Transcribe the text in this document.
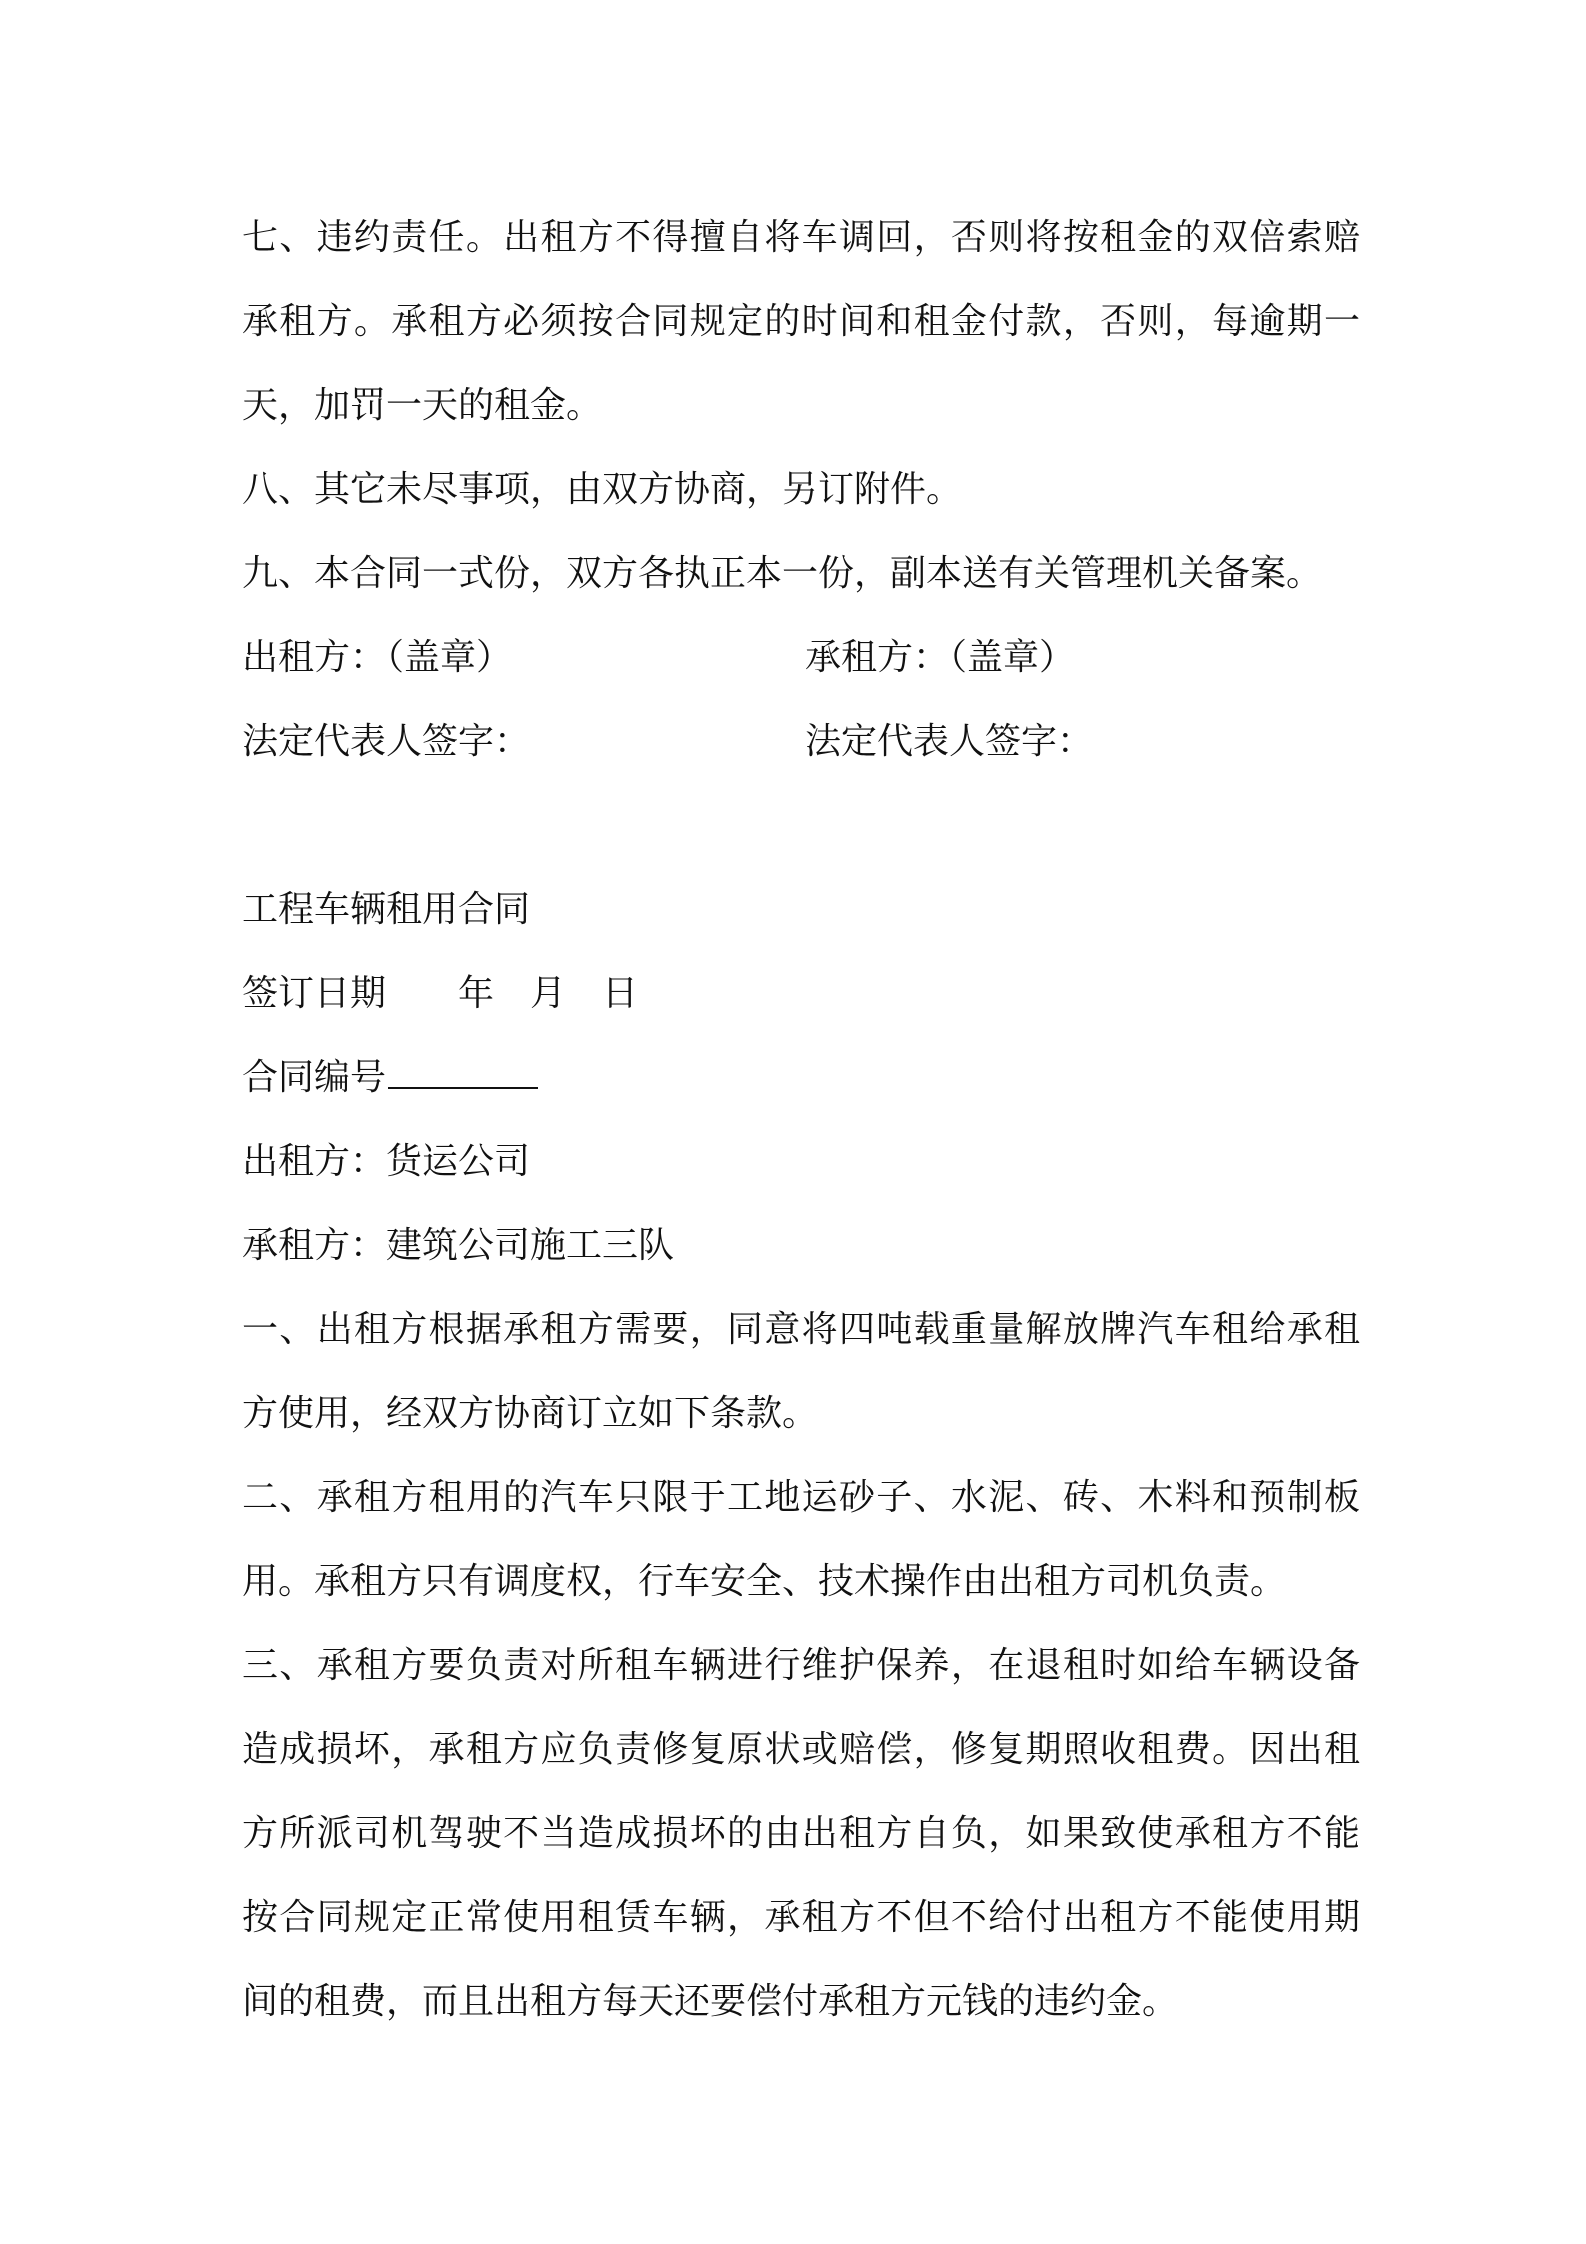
七、违约责任。出租方不得擅自将车调回，否则将按租金的双倍索赔
承租方。承租方必须按合同规定的时间和租金付款，否则，每逾期一
天，加罚一天的租金。
八、其它未尽事项，由双方协商，另订附件。
九、本合同一式份，双方各执正本一份，副本送有关管理机关备案。
出租方：（盖章）	承租方：（盖章）
法定代表人签字：	法定代表人签字：
工程车辆租用合同
签订日期 年 月 日
合同编号
出租方：货运公司
承租方：建筑公司施工三队
一、出租方根据承租方需要，同意将四吨载重量解放牌汽车租给承租
方使用，经双方协商订立如下条款。
二、承租方租用的汽车只限于工地运砂子、水泥、砖、木料和预制板
用。承租方只有调度权，行车安全、技术操作由出租方司机负责。
三、承租方要负责对所租车辆进行维护保养，在退租时如给车辆设备
造成损坏，承租方应负责修复原状或赔偿，修复期照收租费。因出租
方所派司机驾驶不当造成损坏的由出租方自负，如果致使承租方不能
按合同规定正常使用租赁车辆，承租方不但不给付出租方不能使用期
间的租费，而且出租方每天还要偿付承租方元钱的违约金。
